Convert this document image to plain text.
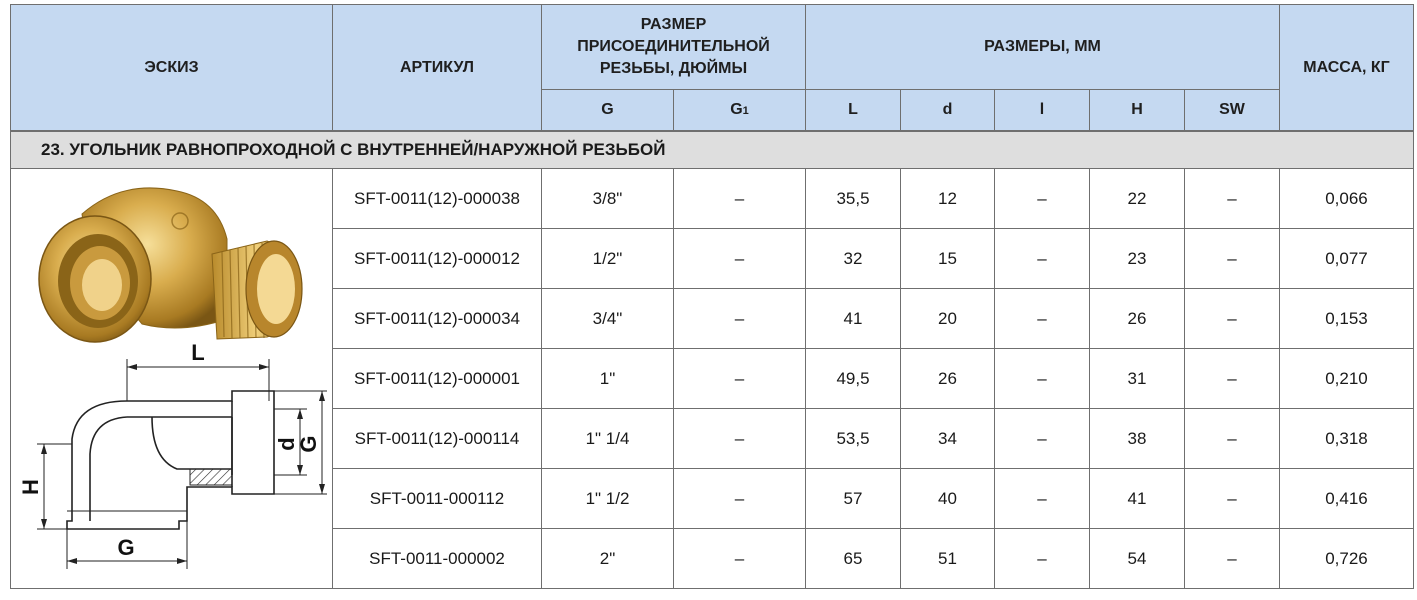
ЭСКИЗ	АРТИКУЛ	РАЗМЕР ПРИСОЕДИНИТЕЛЬНОЙ РЕЗЬБЫ, ДЮЙМЫ		РАЗМЕРЫ, ММ					МАССА, КГ
		G	G1	L	d	l	H	SW	
23. УГОЛЬНИК РАВНОПРОХОДНОЙ С ВНУТРЕННЕЙ/НАРУЖНОЙ РЕЗЬБОЙ									

L
d
G
H
G	SFT-0011(12)-000038	3/8"	–	35,5	12	–	22	–	0,066
	SFT-0011(12)-000012	1/2"	–	32	15	–	23	–	0,077
	SFT-0011(12)-000034	3/4"	–	41	20	–	26	–	0,153
	SFT-0011(12)-000001	1"	–	49,5	26	–	31	–	0,210
	SFT-0011(12)-000114	1" 1/4	–	53,5	34	–	38	–	0,318
	SFT-0011-000112	1" 1/2	–	57	40	–	41	–	0,416
	SFT-0011-000002	2"	–	65	51	–	54	–	0,726
